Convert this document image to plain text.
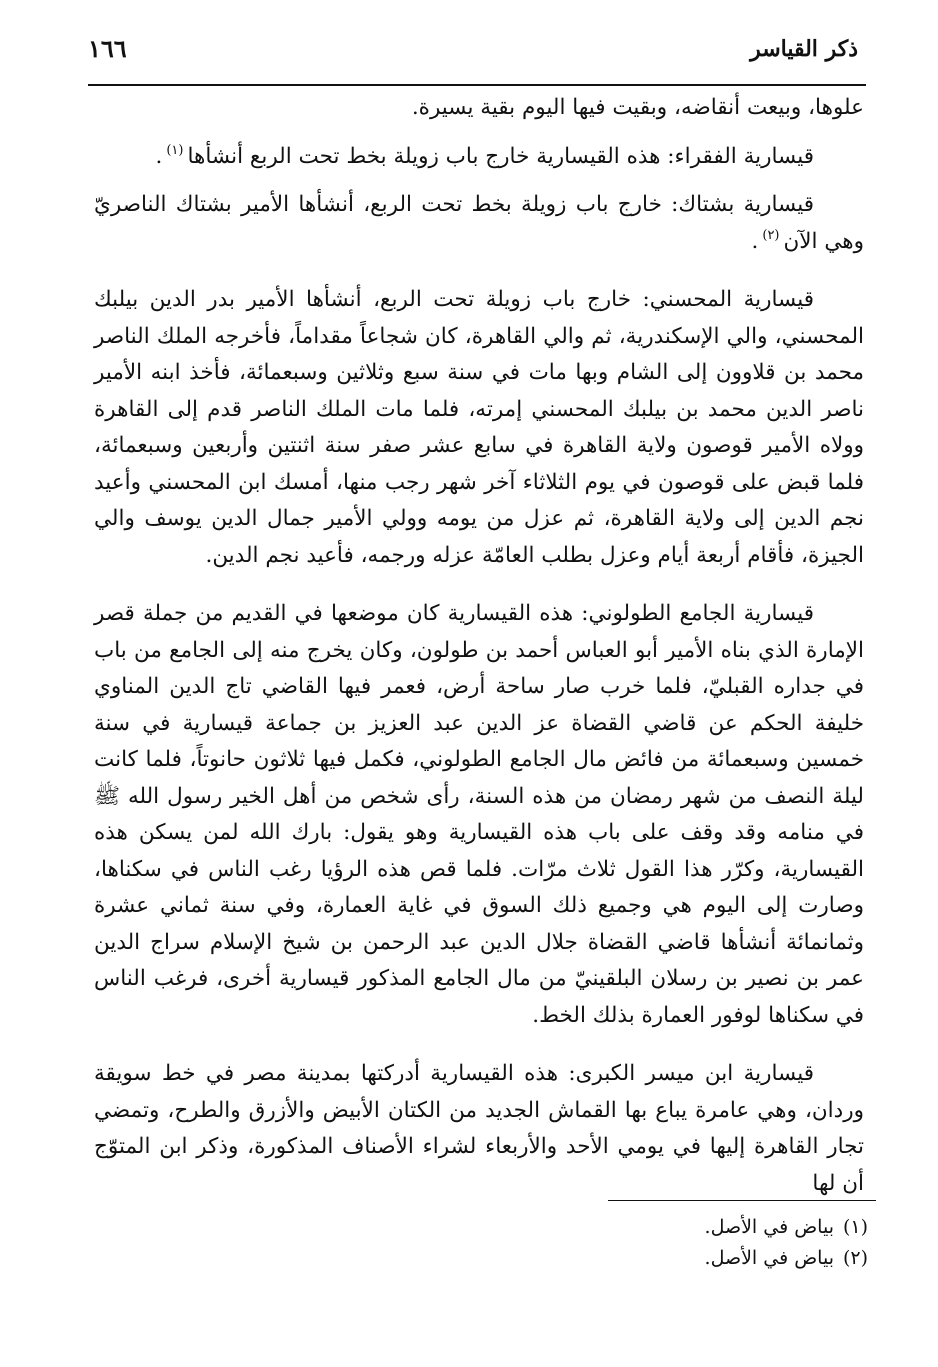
ذكر القياسر
١٦٦

علوها، وبيعت أنقاضه، وبقيت فيها اليوم بقية يسيرة.

قيسارية الفقراء: هذه القيسارية خارج باب زويلة بخط تحت الربع أنشأها$^{(١)}$.

قيسارية بشتاك: خارج باب زويلة بخط تحت الربع، أنشأها الأمير بشتاك الناصريّ وهي الآن$^{(٢)}$.

قيسارية المحسني: خارج باب زويلة تحت الربع، أنشأها الأمير بدر الدين بيلبك المحسني، والي الإسكندرية، ثم والي القاهرة، كان شجاعاً مقداماً، فأخرجه الملك الناصر محمد بن قلاوون إلى الشام وبها مات في سنة سبع وثلاثين وسبعمائة، فأخذ ابنه الأمير ناصر الدين محمد بن بيلبك المحسني إمرته، فلما مات الملك الناصر قدم إلى القاهرة وولاه الأمير قوصون ولاية القاهرة في سابع عشر صفر سنة اثنتين وأربعين وسبعمائة، فلما قبض على قوصون في يوم الثلاثاء آخر شهر رجب منها، أمسك ابن المحسني وأعيد نجم الدين إلى ولاية القاهرة، ثم عزل من يومه وولي الأمير جمال الدين يوسف والي الجيزة، فأقام أربعة أيام وعزل بطلب العامّة عزله ورجمه، فأعيد نجم الدين.

قيسارية الجامع الطولوني: هذه القيسارية كان موضعها في القديم من جملة قصر الإمارة الذي بناه الأمير أبو العباس أحمد بن طولون، وكان يخرج منه إلى الجامع من باب في جداره القبليّ، فلما خرب صار ساحة أرض، فعمر فيها القاضي تاج الدين المناوي خليفة الحكم عن قاضي القضاة عز الدين عبد العزيز بن جماعة قيسارية في سنة خمسين وسبعمائة من فائض مال الجامع الطولوني، فكمل فيها ثلاثون حانوتاً، فلما كانت ليلة النصف من شهر رمضان من هذه السنة، رأى شخص من أهل الخير رسول الله ﷺ في منامه وقد وقف على باب هذه القيسارية وهو يقول: بارك الله لمن يسكن هذه القيسارية، وكرّر هذا القول ثلاث مرّات. فلما قص هذه الرؤيا رغب الناس في سكناها، وصارت إلى اليوم هي وجميع ذلك السوق في غاية العمارة، وفي سنة ثماني عشرة وثمانمائة أنشأها قاضي القضاة جلال الدين عبد الرحمن بن شيخ الإسلام سراج الدين عمر بن نصير بن رسلان البلقينيّ من مال الجامع المذكور قيسارية أخرى، فرغب الناس في سكناها لوفور العمارة بذلك الخط.

قيسارية ابن ميسر الكبرى: هذه القيسارية أدركتها بمدينة مصر في خط سويقة وردان، وهي عامرة يباع بها القماش الجديد من الكتان الأبيض والأزرق والطرح، وتمضي تجار القاهرة إليها في يومي الأحد والأربعاء لشراء الأصناف المذكورة، وذكر ابن المتوّج أن لها

(١)بياض في الأصل.
(٢)بياض في الأصل.
